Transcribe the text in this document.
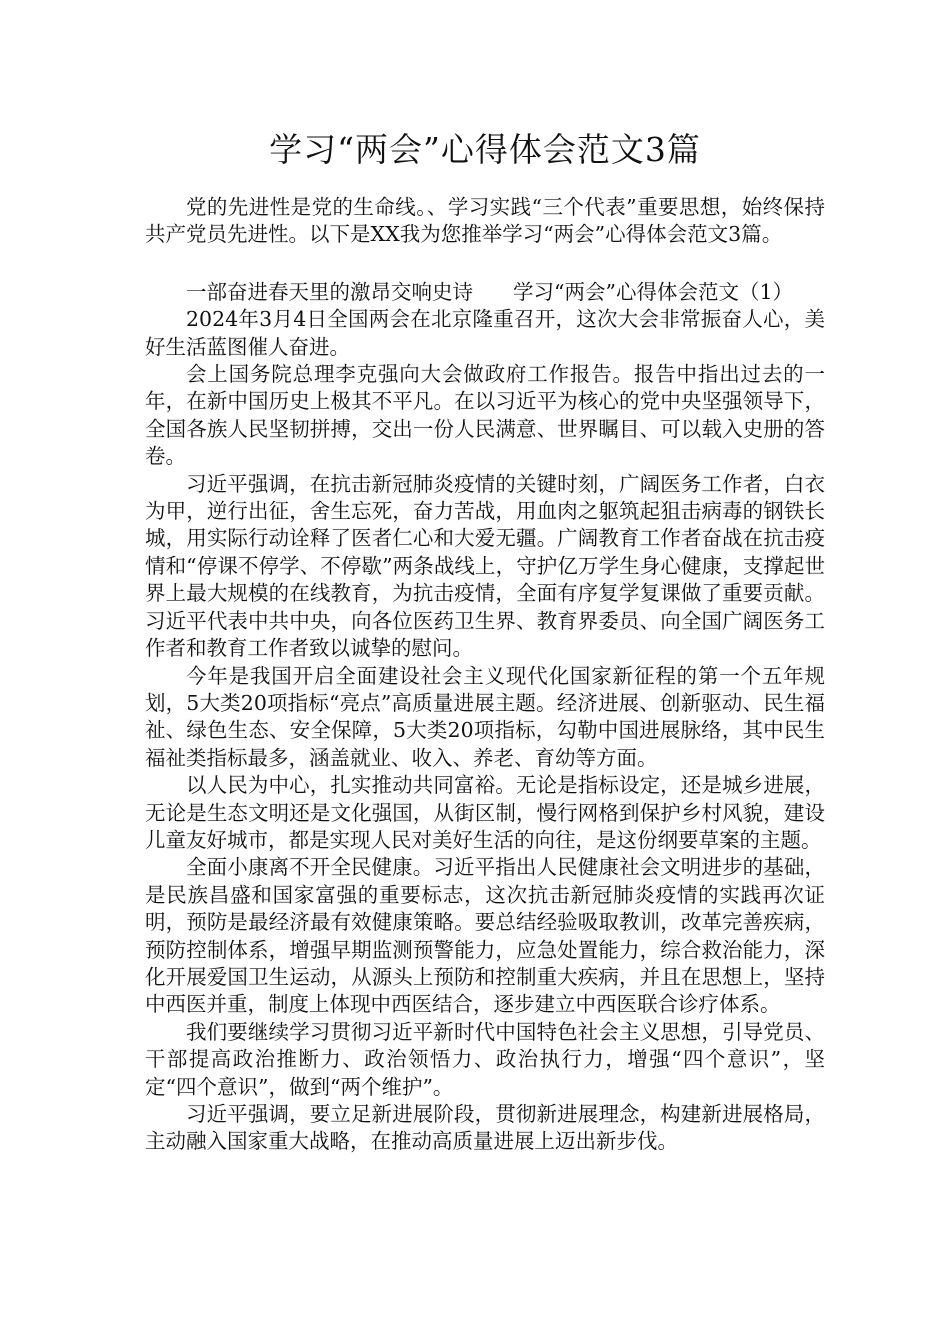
学习“两会”心得体会范文3篇

党的先进性是党的生命线。、学习实践“三个代表”重要思想，始终保持共产党员先进性。以下是XX我为您推举学习“两会”心得体会范文3篇。

一部奋进春天里的激昂交响史诗 学习“两会”心得体会范文（1）

2024年3月4日全国两会在北京隆重召开，这次大会非常振奋人心，美好生活蓝图催人奋进。

会上国务院总理李克强向大会做政府工作报告。报告中指出过去的一年，在新中国历史上极其不平凡。在以习近平为核心的党中央坚强领导下，全国各族人民坚韧拼搏，交出一份人民满意、世界瞩目、可以载入史册的答卷。

习近平强调，在抗击新冠肺炎疫情的关键时刻，广阔医务工作者，白衣为甲，逆行出征，舍生忘死，奋力苦战，用血肉之躯筑起狙击病毒的钢铁长城，用实际行动诠释了医者仁心和大爱无疆。广阔教育工作者奋战在抗击疫情和“停课不停学、不停歇”两条战线上，守护亿万学生身心健康，支撑起世界上最大规模的在线教育，为抗击疫情，全面有序复学复课做了重要贡献。习近平代表中共中央，向各位医药卫生界、教育界委员、向全国广阔医务工作者和教育工作者致以诚挚的慰问。

今年是我国开启全面建设社会主义现代化国家新征程的第一个五年规划，5大类20项指标“亮点”高质量进展主题。经济进展、创新驱动、民生福祉、绿色生态、安全保障，5大类20项指标，勾勒中国进展脉络，其中民生福祉类指标最多，涵盖就业、收入、养老、育幼等方面。

以人民为中心，扎实推动共同富裕。无论是指标设定，还是城乡进展，无论是生态文明还是文化强国，从街区制，慢行网格到保护乡村风貌，建设儿童友好城市，都是实现人民对美好生活的向往，是这份纲要草案的主题。

全面小康离不开全民健康。习近平指出人民健康社会文明进步的基础，是民族昌盛和国家富强的重要标志，这次抗击新冠肺炎疫情的实践再次证明，预防是最经济最有效健康策略。要总结经验吸取教训，改革完善疾病，预防控制体系，增强早期监测预警能力，应急处置能力，综合救治能力，深化开展爱国卫生运动，从源头上预防和控制重大疾病，并且在思想上，坚持中西医并重，制度上体现中西医结合，逐步建立中西医联合诊疗体系。

我们要继续学习贯彻习近平新时代中国特色社会主义思想，引导党员、干部提高政治推断力、政治领悟力、政治执行力，增强“四个意识”，坚定“四个意识”，做到“两个维护”。

习近平强调，要立足新进展阶段，贯彻新进展理念，构建新进展格局，主动融入国家重大战略，在推动高质量进展上迈出新步伐。
